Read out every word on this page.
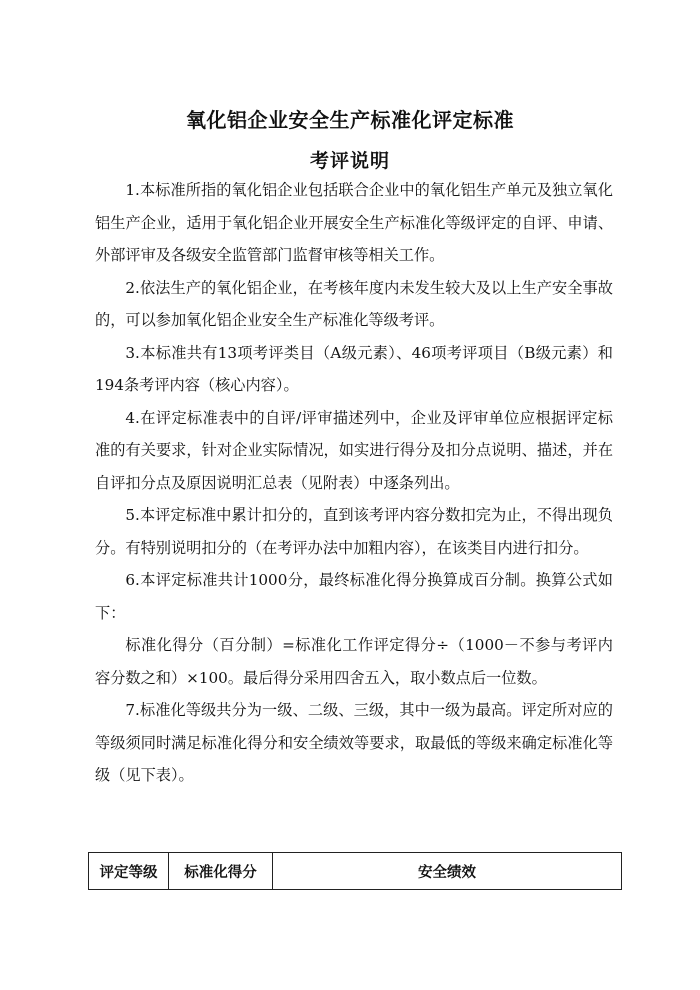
氧化铝企业安全生产标准化评定标准
考评说明

1.本标准所指的氧化铝企业包括联合企业中的氧化铝生产单元及独立氧化铝生产企业，适用于氧化铝企业开展安全生产标准化等级评定的自评、申请、外部评审及各级安全监管部门监督审核等相关工作。

2.依法生产的氧化铝企业，在考核年度内未发生较大及以上生产安全事故的，可以参加氧化铝企业安全生产标准化等级考评。

3.本标准共有13项考评类目（A级元素）、46项考评项目（B级元素）和194条考评内容（核心内容）。

4.在评定标准表中的自评/评审描述列中，企业及评审单位应根据评定标准的有关要求，针对企业实际情况，如实进行得分及扣分点说明、描述，并在自评扣分点及原因说明汇总表（见附表）中逐条列出。

5.本评定标准中累计扣分的，直到该考评内容分数扣完为止，不得出现负分。有特别说明扣分的（在考评办法中加粗内容），在该类目内进行扣分。

6.本评定标准共计1000分，最终标准化得分换算成百分制。换算公式如下：

标准化得分（百分制）=标准化工作评定得分÷（1000－不参与考评内容分数之和）×100。最后得分采用四舍五入，取小数点后一位数。

7.标准化等级共分为一级、二级、三级，其中一级为最高。评定所对应的等级须同时满足标准化得分和安全绩效等要求，取最低的等级来确定标准化等级（见下表）。

评定等级	标准化得分	安全绩效
